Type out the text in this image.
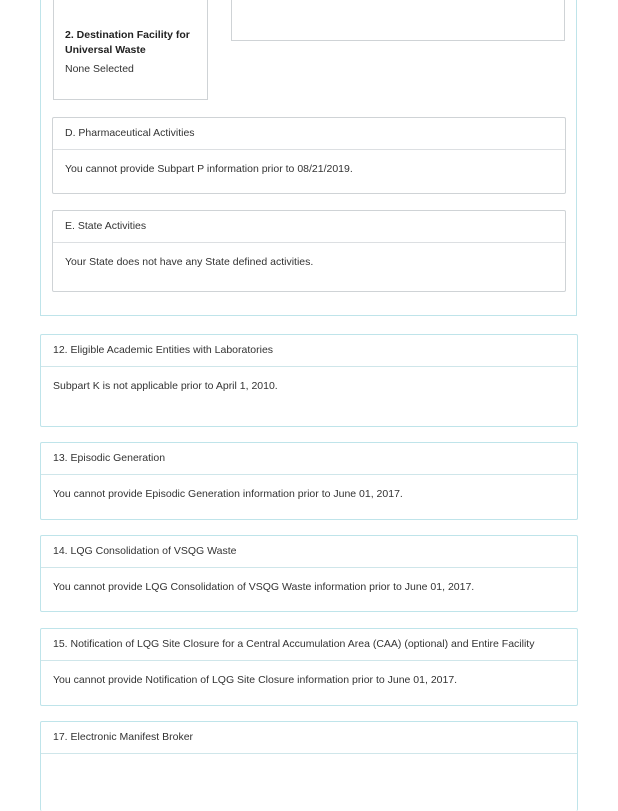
2. Destination Facility for Universal Waste
None Selected
D. Pharmaceutical Activities
You cannot provide Subpart P information prior to 08/21/2019.
E. State Activities
Your State does not have any State defined activities.
12. Eligible Academic Entities with Laboratories
Subpart K is not applicable prior to April 1, 2010.
13. Episodic Generation
You cannot provide Episodic Generation information prior to June 01, 2017.
14. LQG Consolidation of VSQG Waste
You cannot provide LQG Consolidation of VSQG Waste information prior to June 01, 2017.
15. Notification of LQG Site Closure for a Central Accumulation Area (CAA) (optional) and Entire Facility
You cannot provide Notification of LQG Site Closure information prior to June 01, 2017.
17. Electronic Manifest Broker
